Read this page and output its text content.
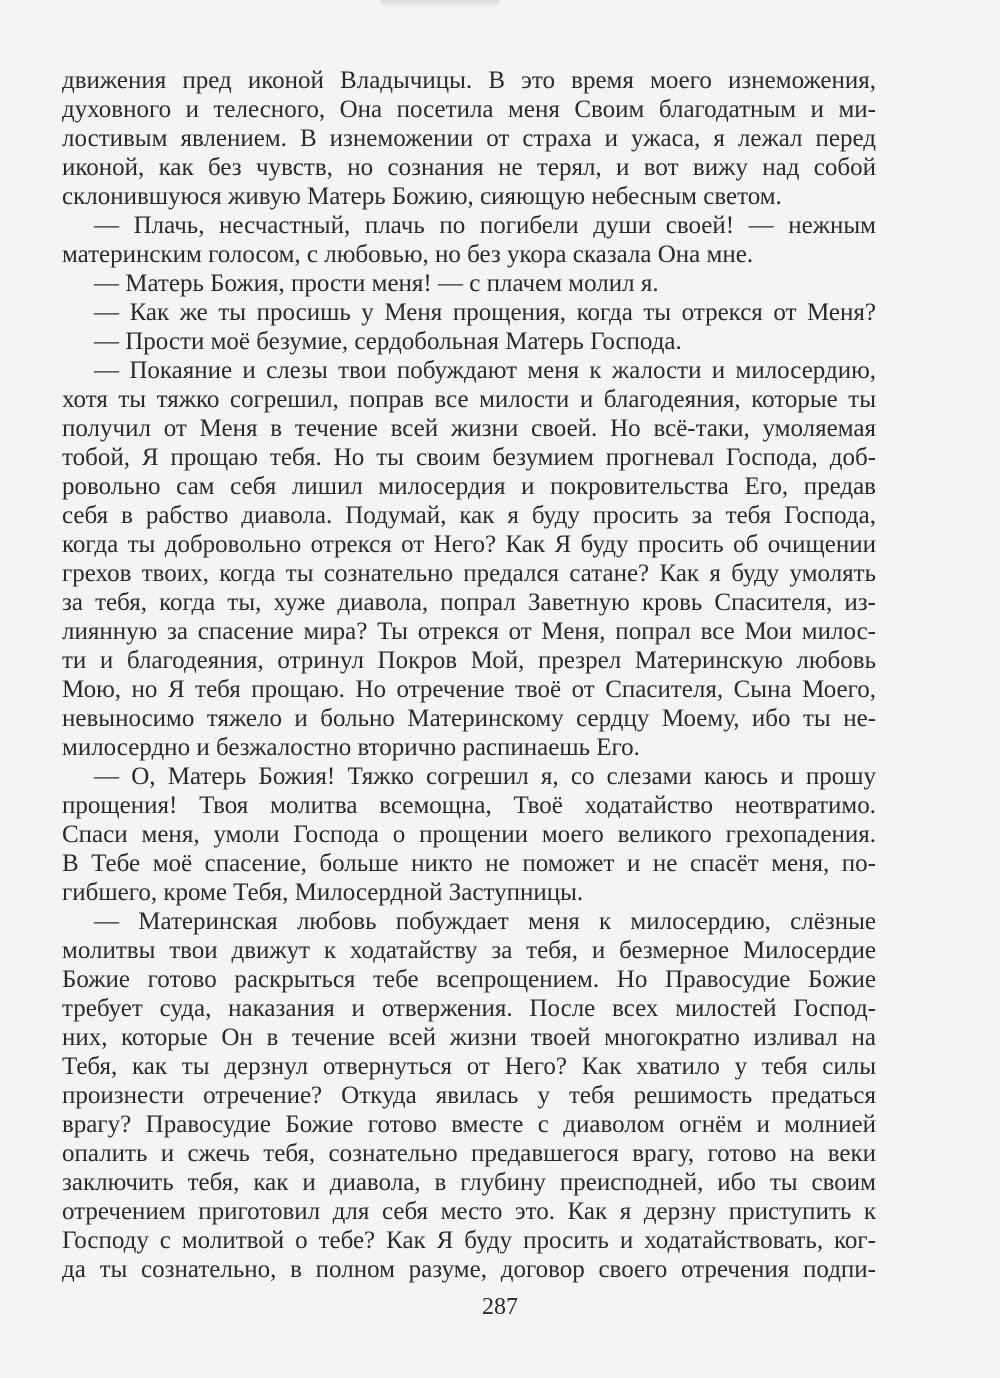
движения пред иконой Владычицы. В это время моего изнеможения,
духовного и телесного, Она посетила меня Своим благодатным и ми-
лостивым явлением. В изнеможении от страха и ужаса, я лежал перед
иконой, как без чувств, но сознания не терял, и вот вижу над собой
склонившуюся живую Матерь Божию, сияющую небесным светом.
— Плачь, несчастный, плачь по погибели души своей! — нежным
материнским голосом, с любовью, но без укора сказала Она мне.
— Матерь Божия, прости меня! — с плачем молил я.
— Как же ты просишь у Меня прощения, когда ты отрекся от Меня?
— Прости моё безумие, сердобольная Матерь Господа.
— Покаяние и слезы твои побуждают меня к жалости и милосердию,
хотя ты тяжко согрешил, поправ все милости и благодеяния, которые ты
получил от Меня в течение всей жизни своей. Но всё-таки, умоляемая
тобой, Я прощаю тебя. Но ты своим безумием прогневал Господа, доб-
ровольно сам себя лишил милосердия и покровительства Его, предав
себя в рабство диавола. Подумай, как я буду просить за тебя Господа,
когда ты добровольно отрекся от Него? Как Я буду просить об очищении
грехов твоих, когда ты сознательно предался сатане? Как я буду умолять
за тебя, когда ты, хуже диавола, попрал Заветную кровь Спасителя, из-
лиянную за спасение мира? Ты отрекся от Меня, попрал все Мои милос-
ти и благодеяния, отринул Покров Мой, презрел Материнскую любовь
Мою, но Я тебя прощаю. Но отречение твоё от Спасителя, Сына Моего,
невыносимо тяжело и больно Материнскому сердцу Моему, ибо ты не-
милосердно и безжалостно вторично распинаешь Его.
— О, Матерь Божия! Тяжко согрешил я, со слезами каюсь и прошу
прощения! Твоя молитва всемощна, Твоё ходатайство неотвратимо.
Спаси меня, умоли Господа о прощении моего великого грехопадения.
В Тебе моё спасение, больше никто не поможет и не спасёт меня, по-
гибшего, кроме Тебя, Милосердной Заступницы.
— Материнская любовь побуждает меня к милосердию, слёзные
молитвы твои движут к ходатайству за тебя, и безмерное Милосердие
Божие готово раскрыться тебе всепрощением. Но Правосудие Божие
требует суда, наказания и отвержения. После всех милостей Господ-
них, которые Он в течение всей жизни твоей многократно изливал на
Тебя, как ты дерзнул отвернуться от Него? Как хватило у тебя силы
произнести отречение? Откуда явилась у тебя решимость предаться
врагу? Правосудие Божие готово вместе с диаволом огнём и молнией
опалить и сжечь тебя, сознательно предавшегося врагу, готово на веки
заключить тебя, как и диавола, в глубину преисподней, ибо ты своим
отречением приготовил для себя место это. Как я дерзну приступить к
Господу с молитвой о тебе? Как Я буду просить и ходатайствовать, ког-
да ты сознательно, в полном разуме, договор своего отречения подпи-
287
